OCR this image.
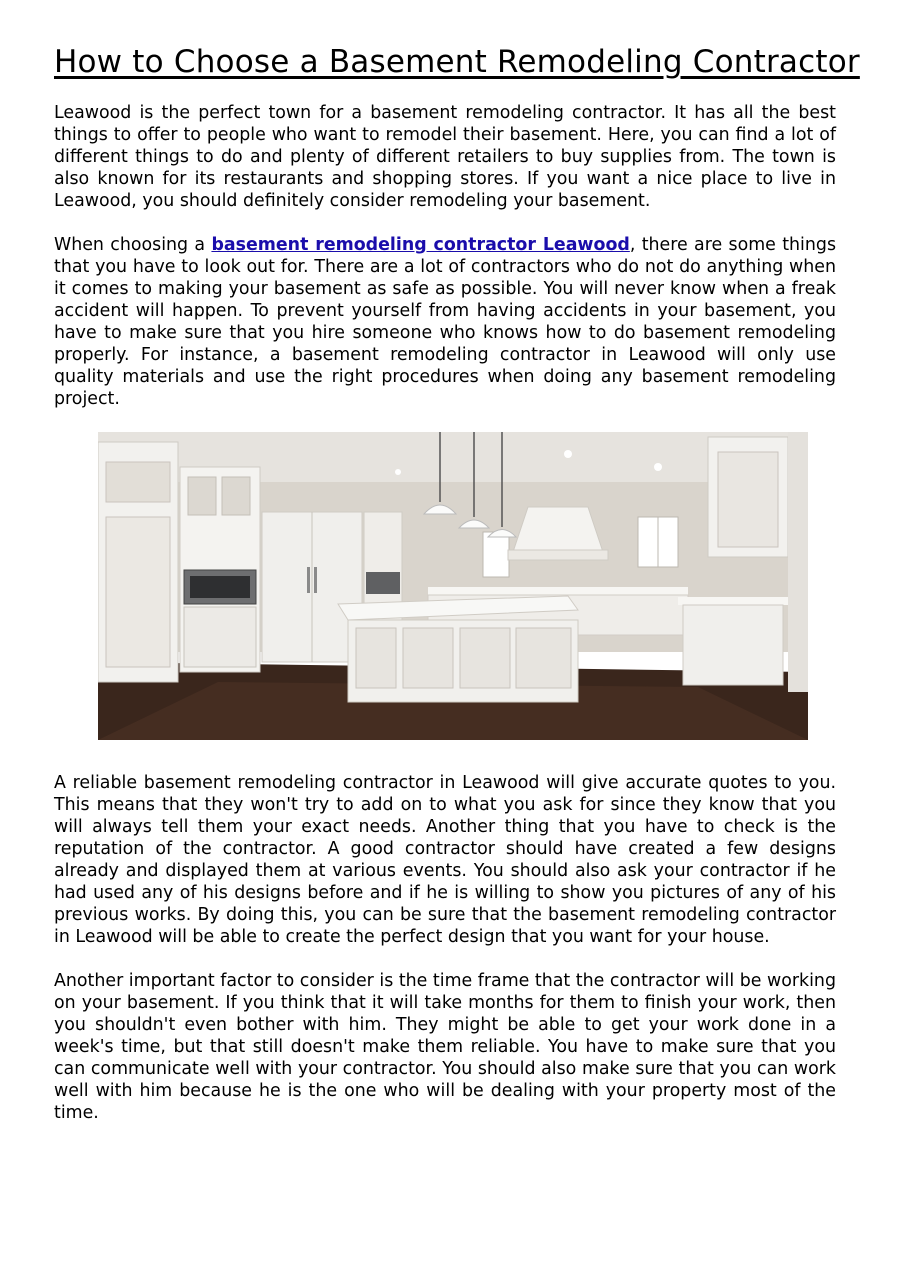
How to Choose a Basement Remodeling Contractor

Leawood is the perfect town for a basement remodeling contractor. It has all the best things to offer to people who want to remodel their basement. Here, you can find a lot of different things to do and plenty of different retailers to buy supplies from. The town is also known for its restaurants and shopping stores. If you want a nice place to live in Leawood, you should definitely consider remodeling your basement.

When choosing a basement remodeling contractor Leawood, there are some things that you have to look out for. There are a lot of contractors who do not do anything when it comes to making your basement as safe as possible. You will never know when a freak accident will happen. To prevent yourself from having accidents in your basement, you have to make sure that you hire someone who knows how to do basement remodeling properly. For instance, a basement remodeling contractor in Leawood will only use quality materials and use the right procedures when doing any basement remodeling project.

A reliable basement remodeling contractor in Leawood will give accurate quotes to you. This means that they won't try to add on to what you ask for since they know that you will always tell them your exact needs. Another thing that you have to check is the reputation of the contractor. A good contractor should have created a few designs already and displayed them at various events. You should also ask your contractor if he had used any of his designs before and if he is willing to show you pictures of any of his previous works. By doing this, you can be sure that the basement remodeling contractor in Leawood will be able to create the perfect design that you want for your house.

Another important factor to consider is the time frame that the contractor will be working on your basement. If you think that it will take months for them to finish your work, then you shouldn't even bother with him. They might be able to get your work done in a week's time, but that still doesn't make them reliable. You have to make sure that you can communicate well with your contractor. You should also make sure that you can work well with him because he is the one who will be dealing with your property most of the time.
